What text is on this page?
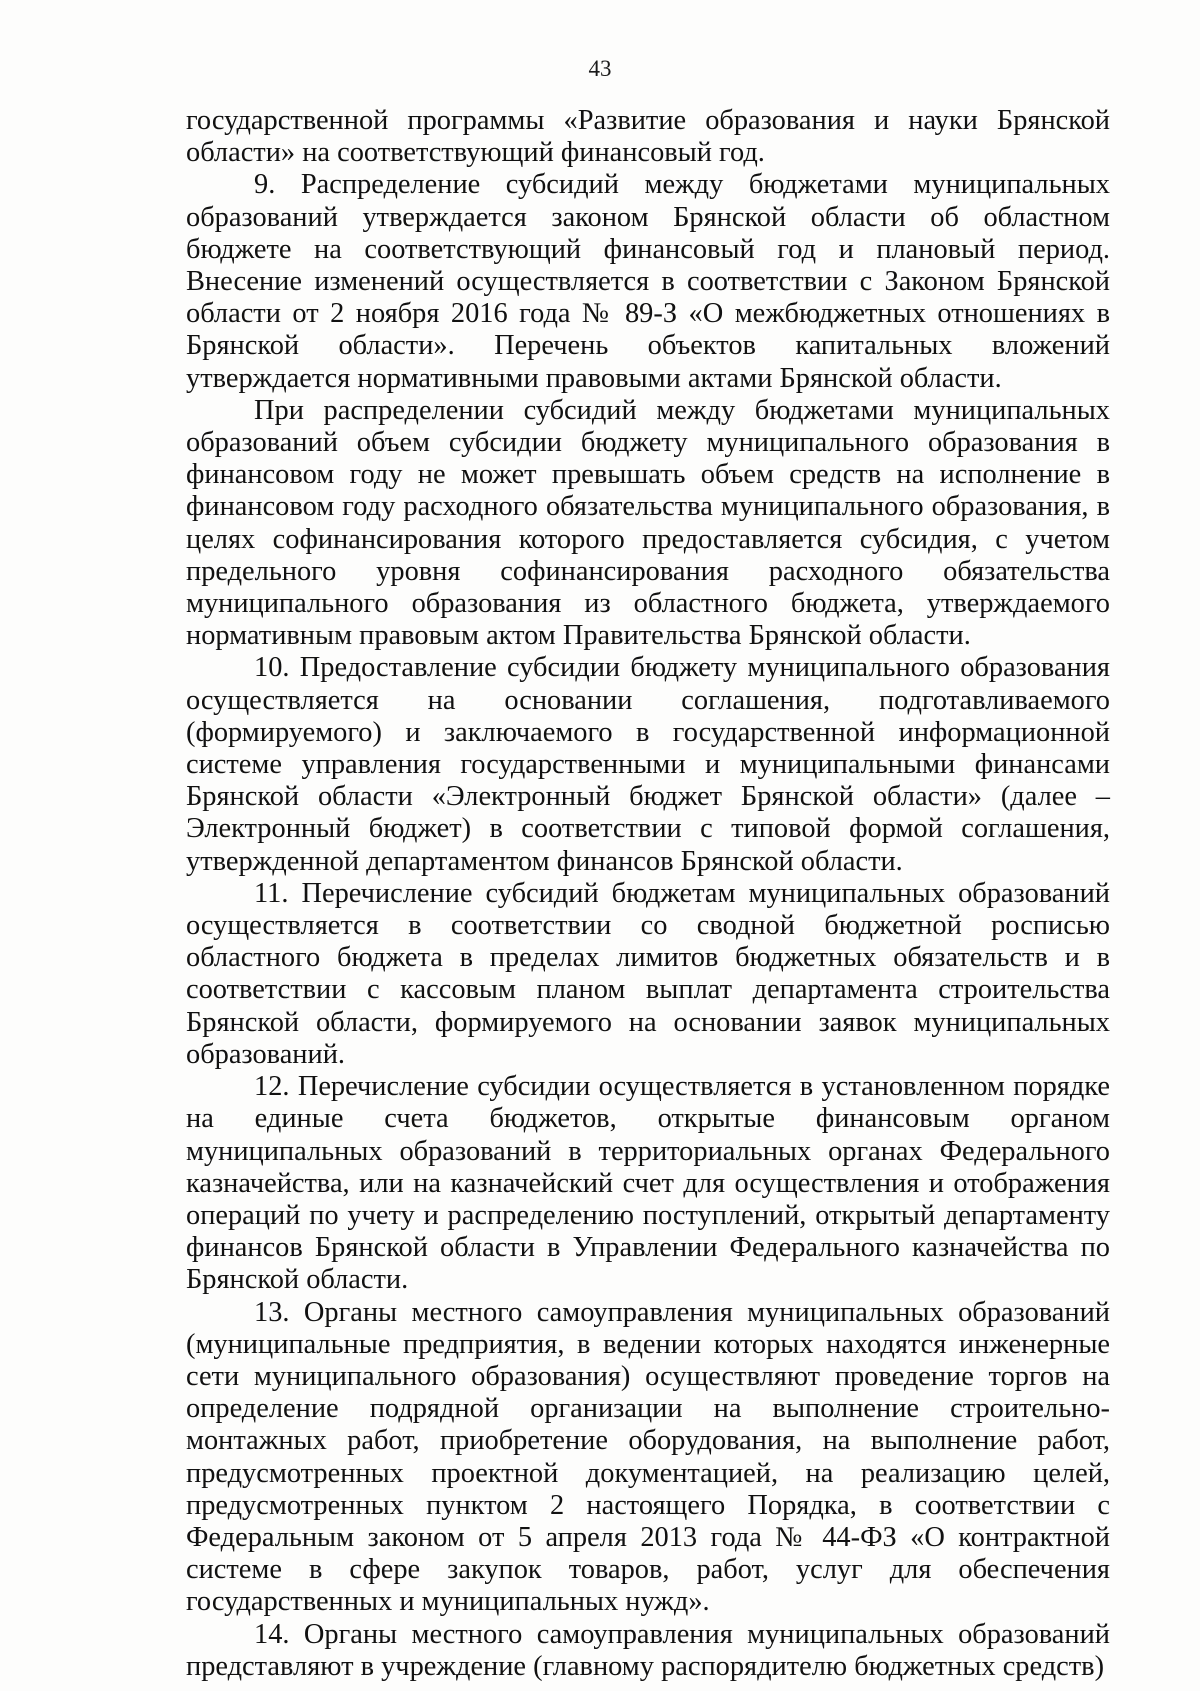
43

государственной программы «Развитие образования и науки Брянской области» на соответствующий финансовый год.

9. Распределение субсидий между бюджетами муниципальных образований утверждается законом Брянской области об областном бюджете на соответствующий финансовый год и плановый период. Внесение изменений осуществляется в соответствии с Законом Брянской области от 2 ноября 2016 года № 89-З «О межбюджетных отношениях в Брянской области». Перечень объектов капитальных вложений утверждается нормативными правовыми актами Брянской области.

При распределении субсидий между бюджетами муниципальных образований объем субсидии бюджету муниципального образования в финансовом году не может превышать объем средств на исполнение в финансовом году расходного обязательства муниципального образования, в целях софинансирования которого предоставляется субсидия, с учетом предельного уровня софинансирования расходного обязательства муниципального образования из областного бюджета, утверждаемого нормативным правовым актом Правительства Брянской области.

10. Предоставление субсидии бюджету муниципального образования осуществляется на основании соглашения, подготавливаемого (формируемого) и заключаемого в государственной информационной системе управления государственными и муниципальными финансами Брянской области «Электронный бюджет Брянской области» (далее – Электронный бюджет) в соответствии с типовой формой соглашения, утвержденной департаментом финансов Брянской области.

11. Перечисление субсидий бюджетам муниципальных образований осуществляется в соответствии со сводной бюджетной росписью областного бюджета в пределах лимитов бюджетных обязательств и в соответствии с кассовым планом выплат департамента строительства Брянской области, формируемого на основании заявок муниципальных образований.

12. Перечисление субсидии осуществляется в установленном порядке на единые счета бюджетов, открытые финансовым органом муниципальных образований в территориальных органах Федерального казначейства, или на казначейский счет для осуществления и отображения операций по учету и распределению поступлений, открытый департаменту финансов Брянской области в Управлении Федерального казначейства по Брянской области.

13. Органы местного самоуправления муниципальных образований (муниципальные предприятия, в ведении которых находятся инженерные сети муниципального образования) осуществляют проведение торгов на определение подрядной организации на выполнение строительно-монтажных работ, приобретение оборудования, на выполнение работ, предусмотренных проектной документацией, на реализацию целей, предусмотренных пунктом 2 настоящего Порядка, в соответствии с Федеральным законом от 5 апреля 2013 года № 44-ФЗ «О контрактной системе в сфере закупок товаров, работ, услуг для обеспечения государственных и муниципальных нужд».

14. Органы местного самоуправления муниципальных образований представляют в учреждение (главному распорядителю бюджетных средств)
